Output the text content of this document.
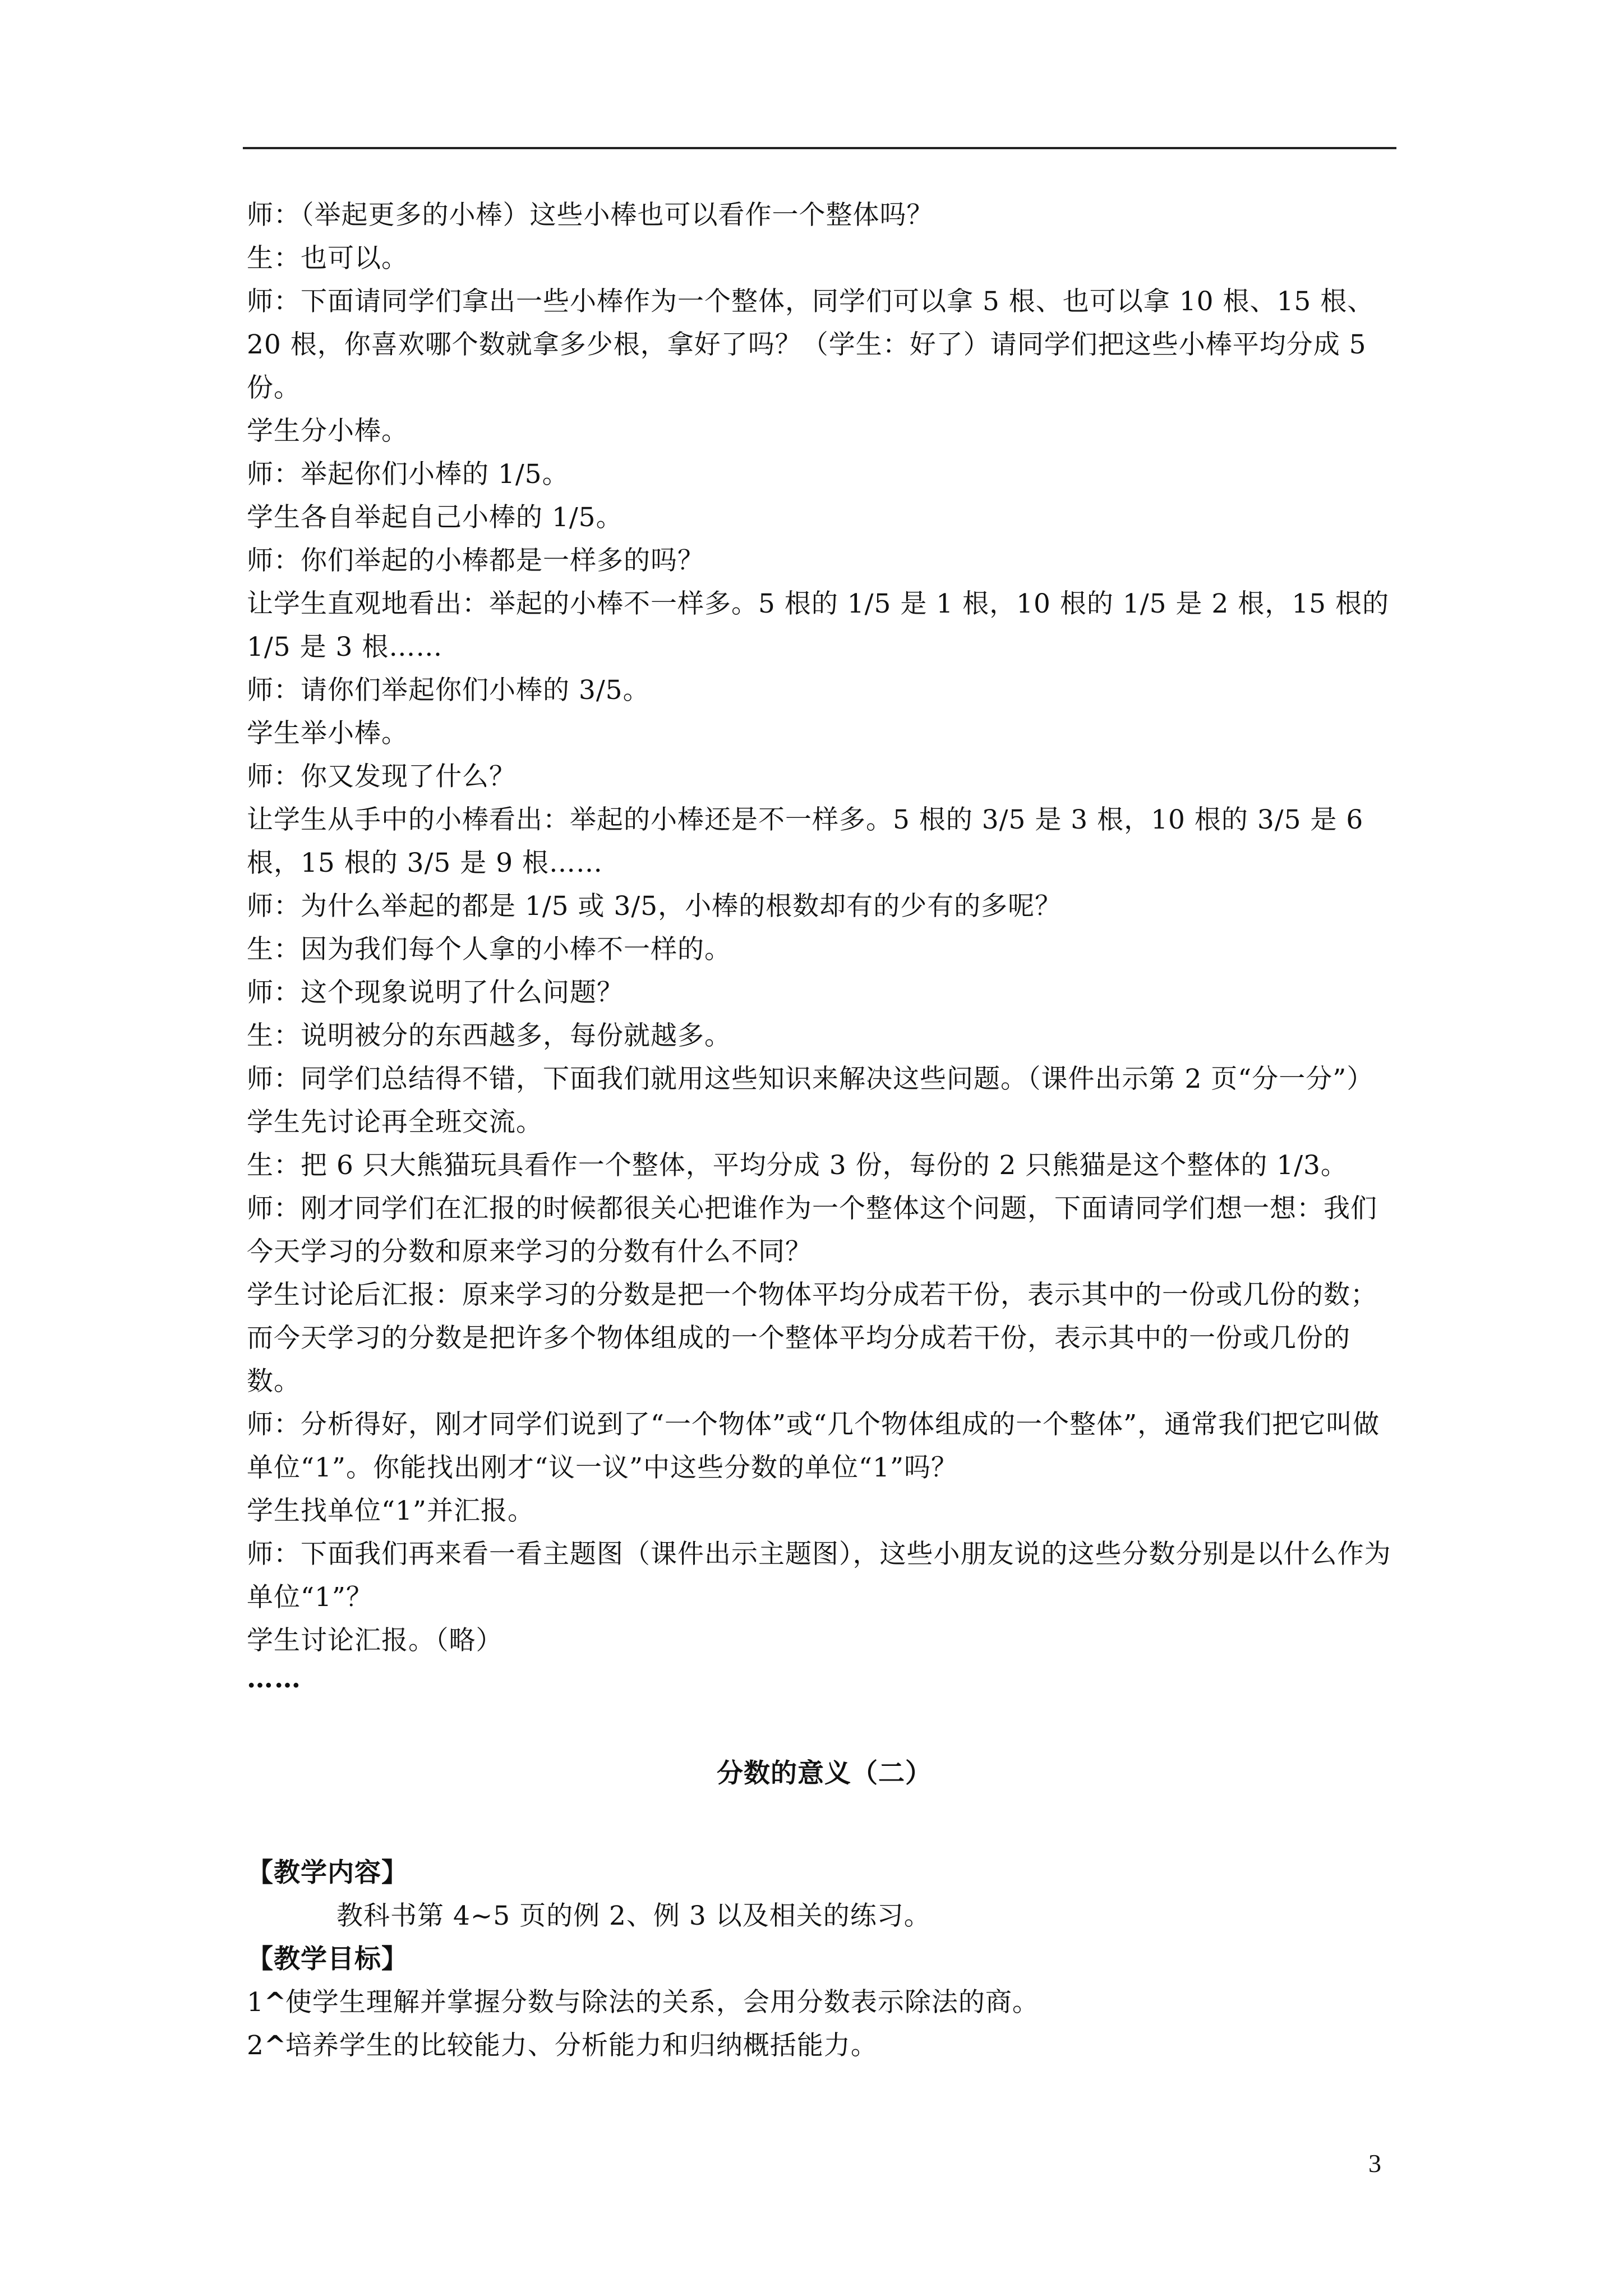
师：（举起更多的小棒）这些小棒也可以看作一个整体吗？

生：也可以。

师：下面请同学们拿出一些小棒作为一个整体，同学们可以拿 5 根、也可以拿 10 根、15 根、20 根，你喜欢哪个数就拿多少根，拿好了吗？（学生：好了）请同学们把这些小棒平均分成 5 份。

学生分小棒。

师：举起你们小棒的 1/5。

学生各自举起自己小棒的 1/5。

师：你们举起的小棒都是一样多的吗？

让学生直观地看出：举起的小棒不一样多。5 根的 1/5 是 1 根，10 根的 1/5 是 2 根，15 根的 1/5 是 3 根……

师：请你们举起你们小棒的 3/5。

学生举小棒。

师：你又发现了什么？

让学生从手中的小棒看出：举起的小棒还是不一样多。5 根的 3/5 是 3 根，10 根的 3/5 是 6 根，15 根的 3/5 是 9 根……

师：为什么举起的都是 1/5 或 3/5，小棒的根数却有的少有的多呢？

生：因为我们每个人拿的小棒不一样的。

师：这个现象说明了什么问题？

生：说明被分的东西越多，每份就越多。

师：同学们总结得不错，下面我们就用这些知识来解决这些问题。（课件出示第 2 页“分一分”）

学生先讨论再全班交流。

生：把 6 只大熊猫玩具看作一个整体，平均分成 3 份，每份的 2 只熊猫是这个整体的 1/3。

师：刚才同学们在汇报的时候都很关心把谁作为一个整体这个问题，下面请同学们想一想：我们今天学习的分数和原来学习的分数有什么不同？

学生讨论后汇报：原来学习的分数是把一个物体平均分成若干份，表示其中的一份或几份的数；而今天学习的分数是把许多个物体组成的一个整体平均分成若干份，表示其中的一份或几份的数。

师：分析得好，刚才同学们说到了“一个物体”或“几个物体组成的一个整体”，通常我们把它叫做单位“1”。你能找出刚才“议一议”中这些分数的单位“1”吗？

学生找单位“1”并汇报。

师：下面我们再来看一看主题图（课件出示主题图），这些小朋友说的这些分数分别是以什么作为单位“1”？

学生讨论汇报。（略）

……

分数的意义（二）

【教学内容】

教科书第 4~5 页的例 2、例 3 以及相关的练习。

【教学目标】

1^使学生理解并掌握分数与除法的关系，会用分数表示除法的商。

2^培养学生的比较能力、分析能力和归纳概括能力。

3
